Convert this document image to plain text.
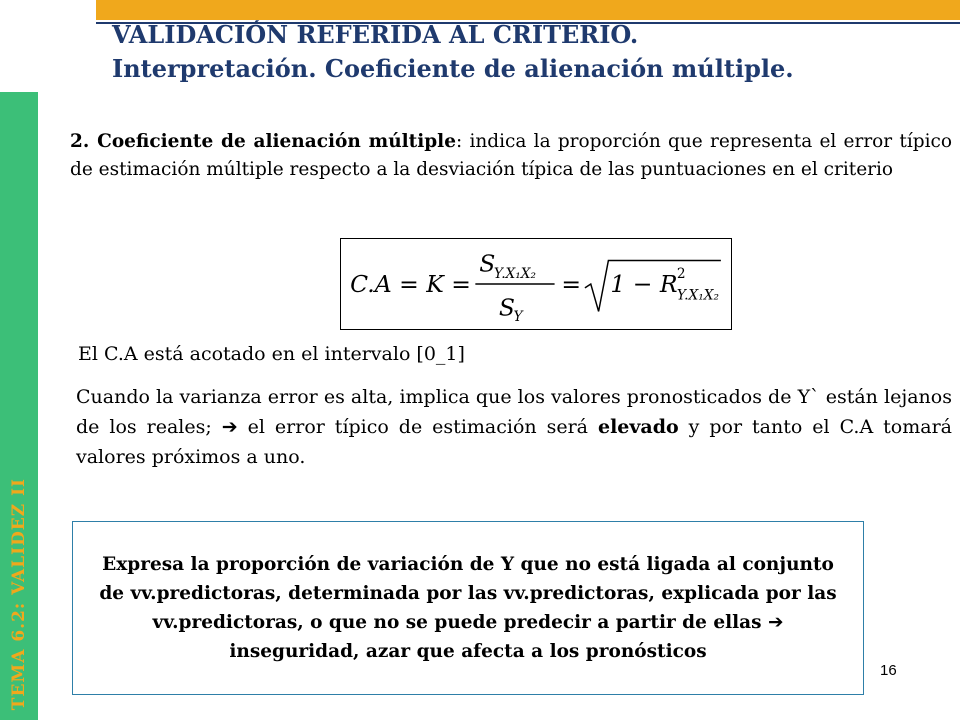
TEMA 6.2: VALIDEZ II
VALIDACIÓN REFERIDA AL CRITERIO.
Interpretación. Coeficiente de alienación múltiple.
2. Coeficiente de alienación múltiple: indica la proporción que representa el error típico de estimación múltiple respecto a la desviación típica de las puntuaciones en el criterio
C.A = K =
S
Y.X₁X₂
S
Y
= 1 − R 2
Y.X₁X₂
El C.A está acotado en el intervalo [0_1]
Cuando la varianza error es alta, implica que los valores pronosticados de Y` están lejanos de los reales; ➔ el error típico de estimación será elevado y por tanto el C.A tomará valores próximos a uno.
Expresa la proporción de variación de Y que no está ligada al conjunto de vv.predictoras, determinada por las vv.predictoras, explicada por las vv.predictoras, o que no se puede predecir a partir de ellas ➔ inseguridad, azar que afecta a los pronósticos
16
